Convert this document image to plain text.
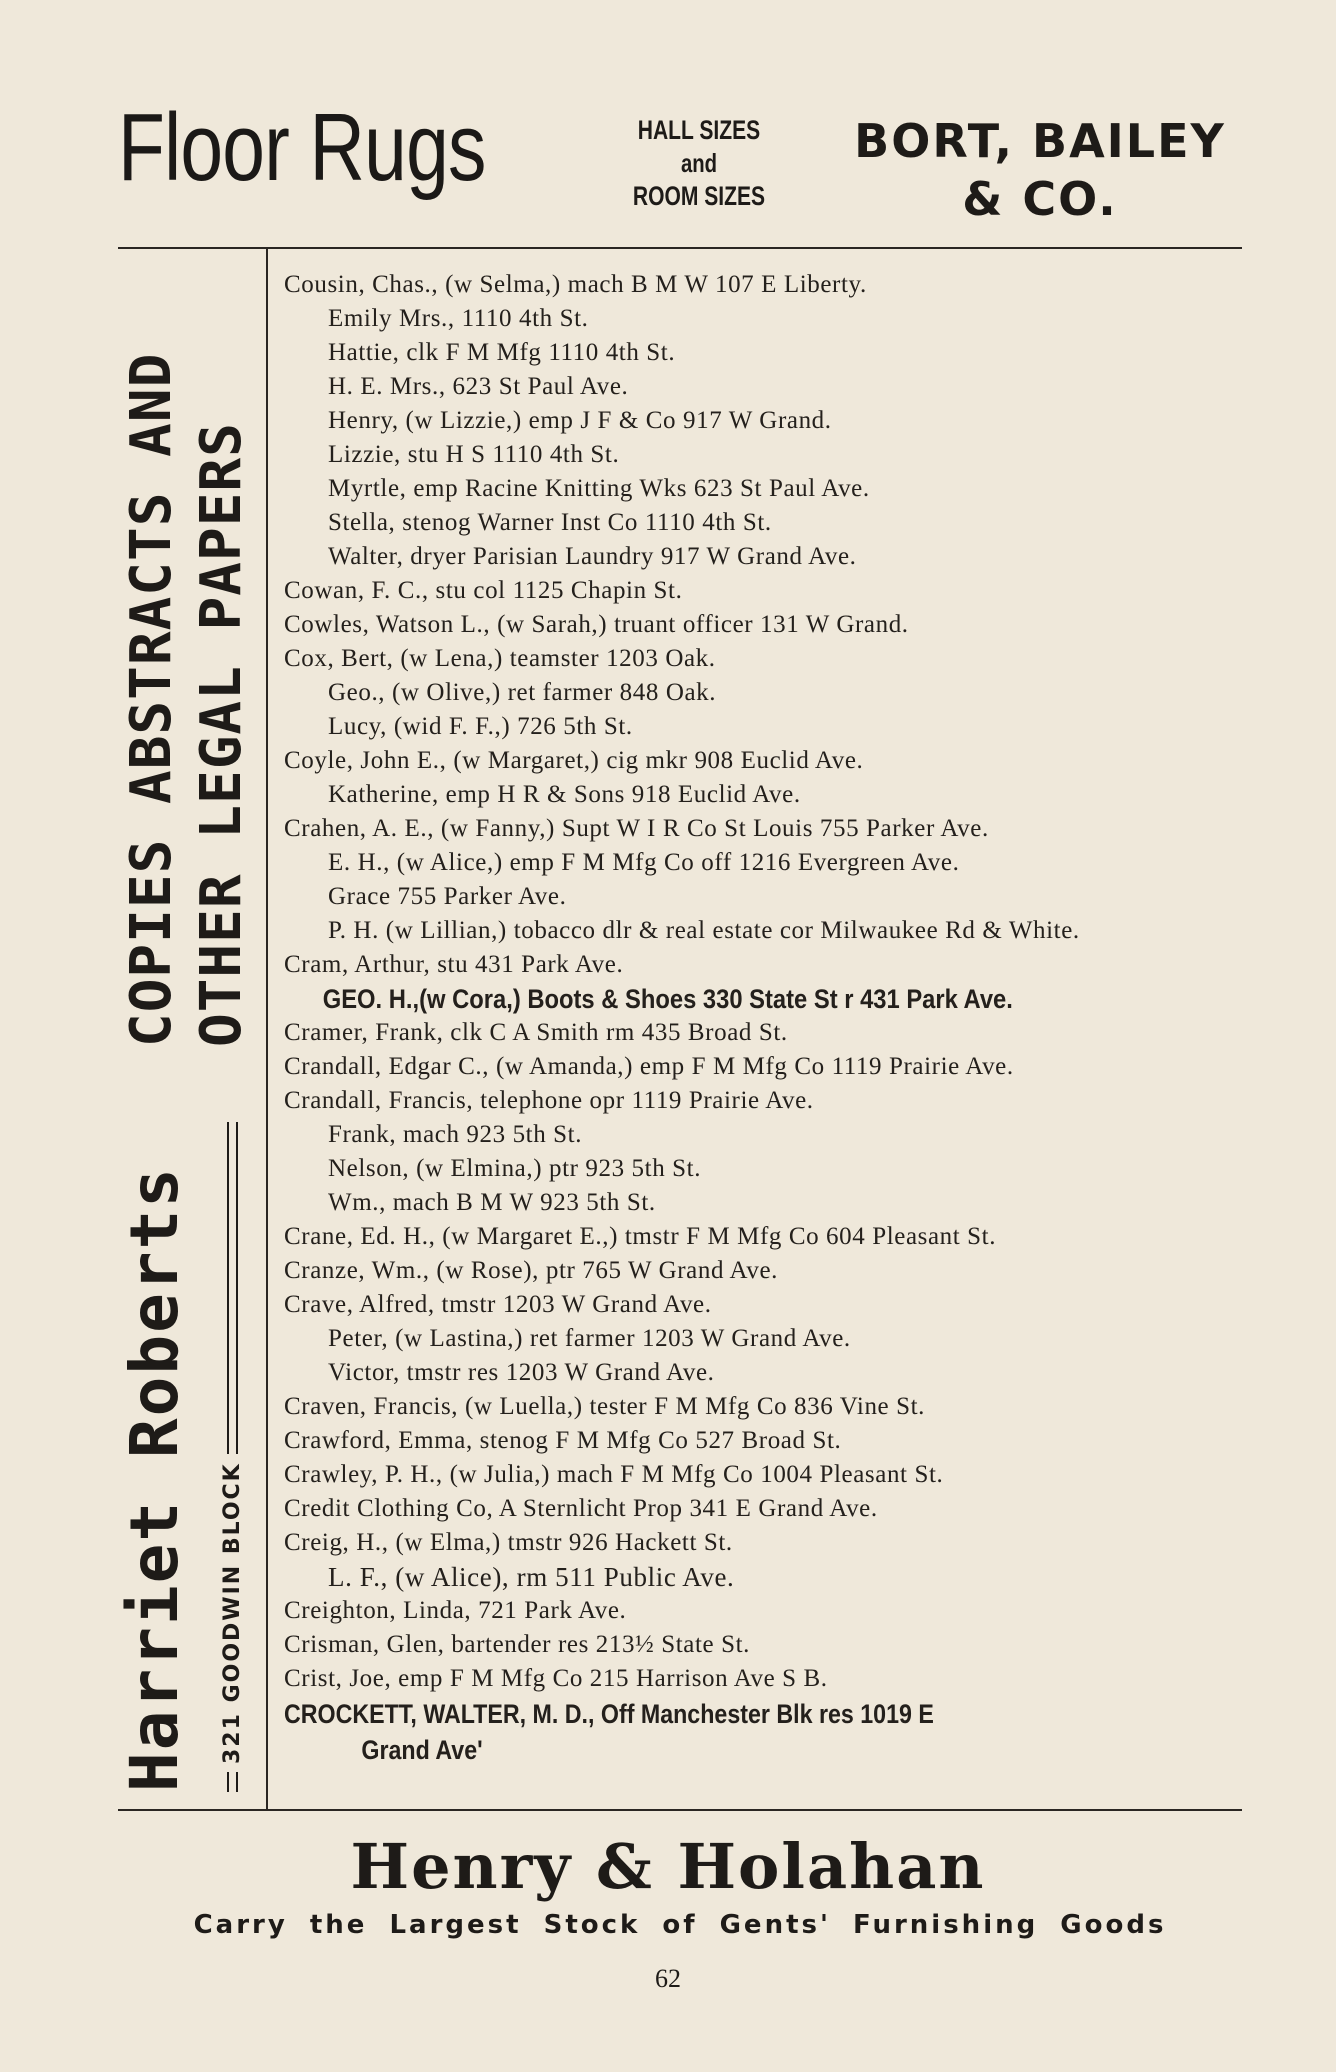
Floor Rugs	HALL SIZES
and
ROOM SIZES
BORT, BAILEY
& CO.
COPIES ABSTRACTS AND OTHER LEGAL PAPERS
Harriet Roberts 321 GOODWIN BLOCK
Cousin, Chas., (w Selma,) mach B M W 107 E Liberty.
Emily Mrs., 1110 4th St.
Hattie, clk F M Mfg 1110 4th St.
H. E. Mrs., 623 St Paul Ave.
Henry, (w Lizzie,) emp J F & Co 917 W Grand.
Lizzie, stu H S 1110 4th St.
Myrtle, emp Racine Knitting Wks 623 St Paul Ave.
Stella, stenog Warner Inst Co 1110 4th St.
Walter, dryer Parisian Laundry 917 W Grand Ave.
Cowan, F. C., stu col 1125 Chapin St.
Cowles, Watson L., (w Sarah,) truant officer 131 W Grand.
Cox, Bert, (w Lena,) teamster 1203 Oak.
Geo., (w Olive,) ret farmer 848 Oak.
Lucy, (wid F. F.,) 726 5th St.
Coyle, John E., (w Margaret,) cig mkr 908 Euclid Ave.
Katherine, emp H R & Sons 918 Euclid Ave.
Crahen, A. E., (w Fanny,) Supt W I R Co St Louis 755 Parker Ave.
E. H., (w Alice,) emp F M Mfg Co off 1216 Evergreen Ave.
Grace 755 Parker Ave.
P. H. (w Lillian,) tobacco dlr & real estate cor Milwaukee Rd & White.
Cram, Arthur, stu 431 Park Ave.
GEO. H.,(w Cora,) Boots & Shoes 330 State St r 431 Park Ave.
Cramer, Frank, clk C A Smith rm 435 Broad St.
Crandall, Edgar C., (w Amanda,) emp F M Mfg Co 1119 Prairie Ave.
Crandall, Francis, telephone opr 1119 Prairie Ave.
Frank, mach 923 5th St.
Nelson, (w Elmina,) ptr 923 5th St.
Wm., mach B M W 923 5th St.
Crane, Ed. H., (w Margaret E.,) tmstr F M Mfg Co 604 Pleasant St.
Cranze, Wm., (w Rose), ptr 765 W Grand Ave.
Crave, Alfred, tmstr 1203 W Grand Ave.
Peter, (w Lastina,) ret farmer 1203 W Grand Ave.
Victor, tmstr res 1203 W Grand Ave.
Craven, Francis, (w Luella,) tester F M Mfg Co 836 Vine St.
Crawford, Emma, stenog F M Mfg Co 527 Broad St.
Crawley, P. H., (w Julia,) mach F M Mfg Co 1004 Pleasant St.
Credit Clothing Co, A Sternlicht Prop 341 E Grand Ave.
Creig, H., (w Elma,) tmstr 926 Hackett St.
L. F., (w Alice), rm 511 Public Ave.
Creighton, Linda, 721 Park Ave.
Crisman, Glen, bartender res 213½ State St.
Crist, Joe, emp F M Mfg Co 215 Harrison Ave S B.
CROCKETT, WALTER, M. D., Off Manchester Blk res 1019 E
Grand Ave'
Henry & Holahan
Carry the Largest Stock of Gents' Furnishing Goods
62
